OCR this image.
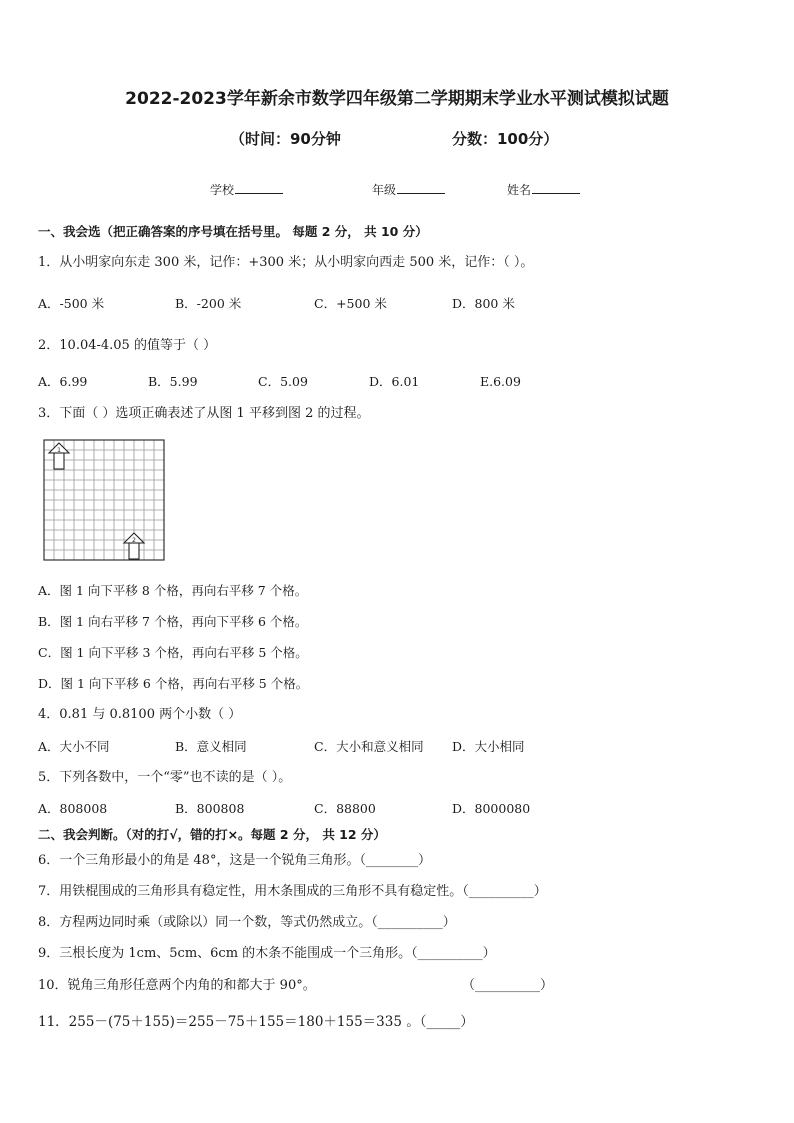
2022-2023学年新余市数学四年级第二学期期末学业水平测试模拟试题
（时间：90分钟	分数：100分）
学校	年级	姓名
一、我会选（把正确答案的序号填在括号里。 每题 2 分， 共 10 分）
1．从小明家向东走 300 米，记作：+300 米；从小明家向西走 500 米，记作：（ ）。
A．-500 米	B．-200 米	C．+500 米	D．800 米
2．10.04-4.05 的值等于（ ）
A．6.99	B．5.99	C．5.09	D．6.01	E.6.09
3．下面（ ）选项正确表述了从图 1 平移到图 2 的过程。
1
2
A．图 1 向下平移 8 个格，再向右平移 7 个格。
B．图 1 向右平移 7 个格，再向下平移 6 个格。
C．图 1 向下平移 3 个格，再向右平移 5 个格。
D．图 1 向下平移 6 个格，再向右平移 5 个格。
4．0.81 与 0.8100 两个小数（ ）
A．大小不同	B．意义相同	C．大小和意义相同 D．大小相同
5．下列各数中，一个“零”也不读的是（ ）。
A．808008	B．800808	C．88800	D．8000080
二、我会判断。（对的打√，错的打×。每题 2 分， 共 12 分）
6．一个三角形最小的角是 48°，这是一个锐角三角形。（________）
7．用铁棍围成的三角形具有稳定性，用木条围成的三角形不具有稳定性。（__________）
8．方程两边同时乘（或除以）同一个数，等式仍然成立。（__________）
9．三根长度为 1cm、5cm、6cm 的木条不能围成一个三角形。（__________）
10．锐角三角形任意两个内角的和都大于 90°。	（__________）
11．255－(75＋155)＝255－75＋155＝180＋155＝335 。（_____）
